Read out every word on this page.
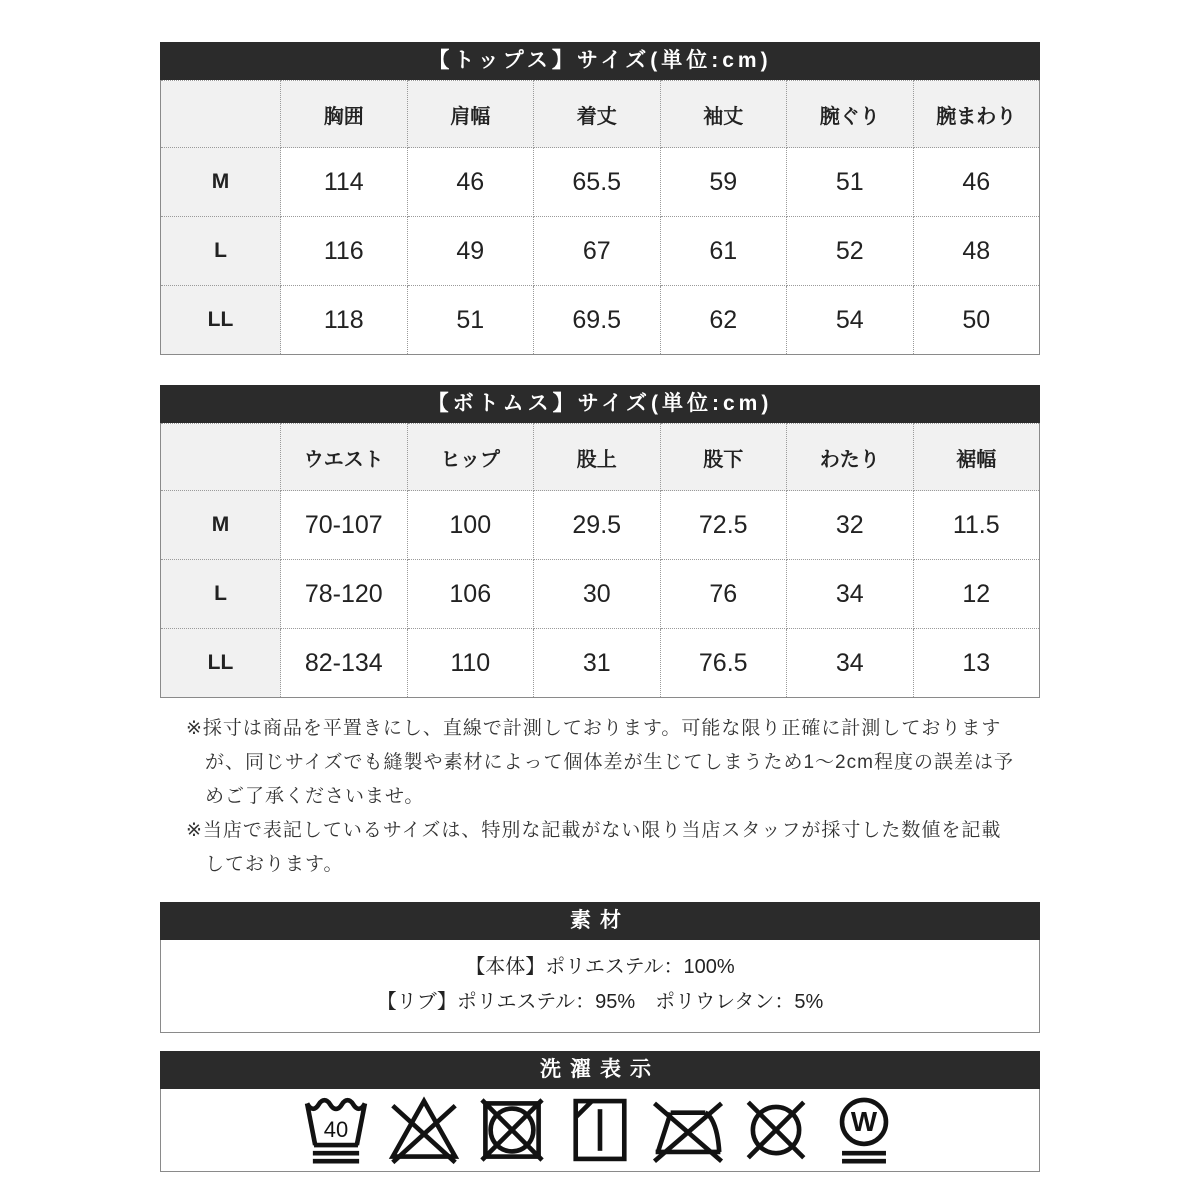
【トップス】サイズ(単位:cm)
	胸囲	肩幅	着丈	袖丈	腕ぐり	腕まわり
M	114	46	65.5	59	51	46
L	116	49	67	61	52	48
LL	118	51	69.5	62	54	50
【ボトムス】サイズ(単位:cm)
	ウエスト	ヒップ	股上	股下	わたり	裾幅
M	70-107	100	29.5	72.5	32	11.5
L	78-120	106	30	76	34	12
LL	82-134	110	31	76.5	34	13

※採寸は商品を平置きにし、直線で計測しております。可能な限り正確に計測しておりますが、同じサイズでも縫製や素材によって個体差が生じてしまうため1～2cm程度の誤差は予めご了承くださいませ。

※当店で表記しているサイズは、特別な記載がない限り当店スタッフが採寸した数値を記載しております。

素材
【本体】ポリエステル：100%
【リブ】ポリエステル：95%　ポリウレタン：5%
洗濯表示
40	W
